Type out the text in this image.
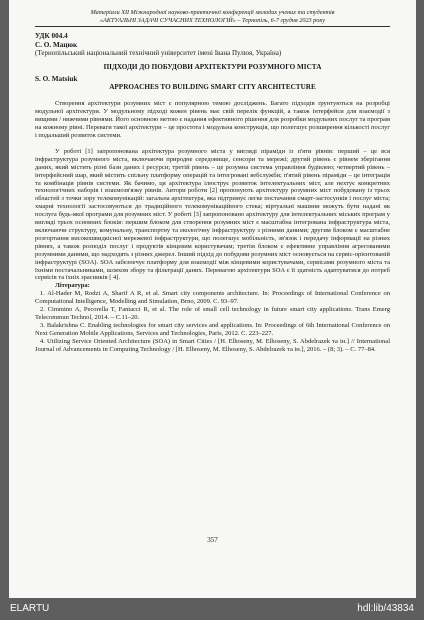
Матеріали XII Міжнародної науково-практичної конференції молодих учених та студентів
«АКТУАЛЬНІ ЗАДАЧІ СУЧАСНИХ ТЕХНОЛОГІЙ» – Тернопіль, 6-7 грудня 2023 року
УДК 004.4
С. О. Мацюк
(Тернопільський національний технічний університет імені Івана Пулюя, Україна)
ПІДХОДИ ДО ПОБУДОВИ АРХІТЕКТУРИ РОЗУМНОГО МІСТА
S. O. Matsiuk
APPROACHES TO BUILDING SMART CITY ARCHITECTURE

Створення архітектури розумних міст є популярною темою досліджень. Багато підходів ґрунтуються на розробці модульної архітектури. У модульному підході кожен рівень має свій перелік функцій, а також інтерфейси для взаємодії з вищими / нижчими рівнями. Його основною метою є надання ефективного рішення для розробки модульних послуг та програм на кожному рівні. Переваги такої архітектури – це простота і модульна конструкція, що полегшує розширення кількості послуг і подальший розвиток системи.

У роботі [1] запропонована архітектура розумного міста у вигляді піраміди із п'яти рівнів: перший – це вся інфраструктура розумного міста, включаючи природне середовище, сенсори та мережі; другий рівень є рівнем зберігання даних, який містить різні бази даних і ресурси; третій рівень – це розумна система управління будівлею; четвертий рівень – інтерфейсний шар, який містить спільну платформу операцій та інтегровані вебслужби; п'ятий рівень піраміди – це інтеграція та комбінація рівнів системи. Як бачимо, ця архітектура ілюструє розвиток інтелектуальних міст, але нехтує конкретних технологічних наборів і взаємозв'язку рівнів. Автори роботи [2] пропонують архітектуру розумних міст побудовану із трьох областей з точки зору телекомунікацій: загальна архітектура, яка підтримує легке постачання смарт-застосунків і послуг міста; хмарні технології застосовуються до традиційного телекомунікаційного стека; віртуальні машини можуть бути надані як послуга будь-якої програми для розумних міст. У роботі [3] запропоновано архітектуру для інтелектуальних міських програм у вигляді трьох основних блоків: першим блоком для створення розумних міст є масштабна інтегрована інфраструктура міста, включаючи структуру, комунальну, транспортну та екологічну інфраструктуру з різними даними; другим блоком є масштабне розгортання високошвидкісної мережевої інфраструктури, що полегшує мобільність, зв'язок і передачу інформації на різних рівнях, а також розподіл послуг і продуктів кінцевим користувачам; третім блоком є ефективне управління агрегованими розумними даними, що надходять з різних джерел. Інший підхід до побудови розумних міст основується на сервіс-орієнтованій інфраструктурі (SOA). SOA забезпечує платформу для взаємодії між кінцевими користувачами, сервісами розумного міста та їхніми постачальниками, шляхом збору та фільтрації даних. Перевагою архітектури SOA є її здатність адаптуватися до потреб сервісів та їхніх зрасників [ 4].

Література:

1. Al-Hader M, Rodzi A, Sharif A R, et al. Smart city components architecture. In: Proceedings of International Conference on Computational Intelligence, Modelling and Simulation, Brno, 2009. С. 93–97.

2. Cimmino A, Pecorella T, Fantacci R, et al. The role of small cell technology in future smart city applications. Trans Emerg Telecommun Technol, 2014. – C.11–20.

3. Balakrishna C. Enabling technologies for smart city services and applications. In: Proceedings of 6th International Conference on Next Generation Mobile Applications, Services and Technologies, Paris, 2012. С. 223–227.

4. Utilizing Service Oriented Architecture (SOA) in Smart Cities / [H. Elhoseny, M. Elhoseny, S. Abdelrazek та ін.] // International Journal of Advancements in Computing Technology / [H. Elhoseny, M. Elhoseny, S. Abdelrazek та ін.], 2016. – (8; 3). – С. 77–84.

357
ELARTU	hdl:lib/43834
